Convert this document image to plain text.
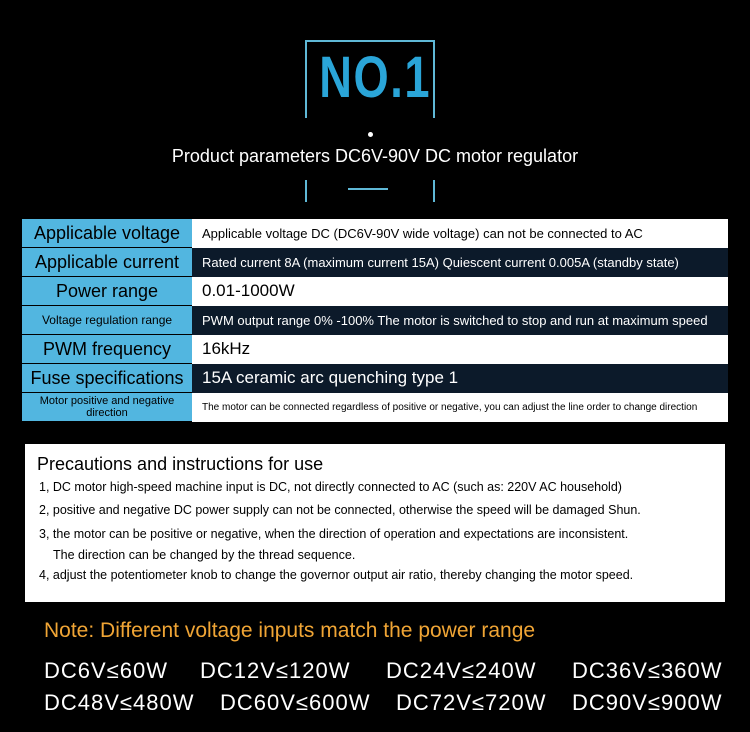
NO.1
Product parameters DC6V-90V DC motor regulator
Applicable voltage	Applicable voltage DC (DC6V-90V wide voltage) can not be connected to AC
Applicable current	Rated current 8A (maximum current 15A) Quiescent current 0.005A (standby state)
Power range	0.01-1000W
Voltage regulation range	PWM output range 0% -100% The motor is switched to stop and run at maximum speed
PWM frequency	16kHz
Fuse specifications	15A ceramic arc quenching type 1
Motor positive and negative direction	The motor can be connected regardless of positive or negative, you can adjust the line order to change direction
Precautions and instructions for use
1, DC motor high-speed machine input is DC, not directly connected to AC (such as: 220V AC household)
2, positive and negative DC power supply can not be connected, otherwise the speed will be damaged Shun.
3, the motor can be positive or negative, when the direction of operation and expectations are inconsistent.
The direction can be changed by the thread sequence.
4, adjust the potentiometer knob to change the governor output air ratio, thereby changing the motor speed.
Note: Different voltage inputs match the power range
DC6V≤60W DC12V≤120W DC24V≤240W DC36V≤360W
DC48V≤480W DC60V≤600W DC72V≤720W DC90V≤900W
